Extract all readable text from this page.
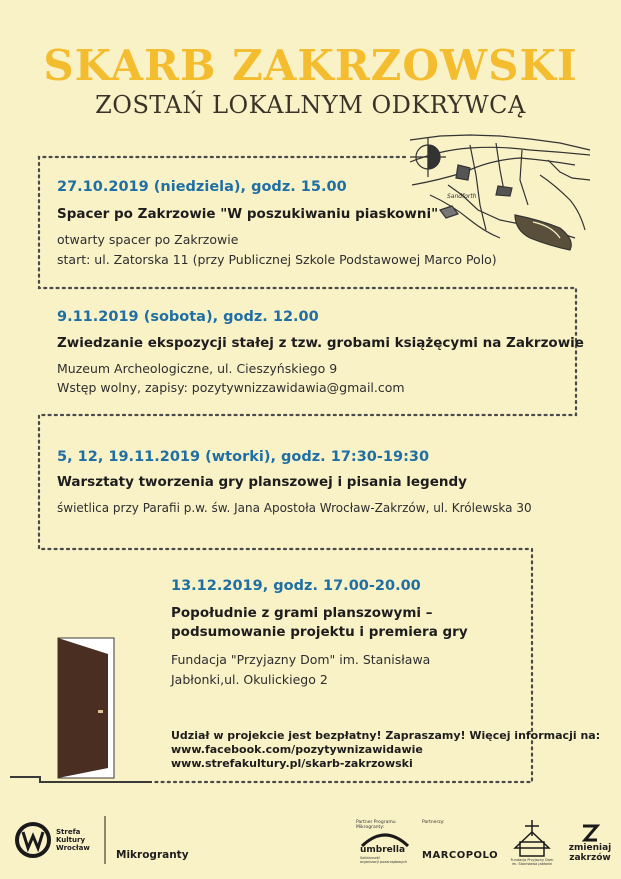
Sandforth
SKARB ZAKRZOWSKI
ZOSTAŃ LOKALNYM ODKRYWCĄ
27.10.2019 (niedziela), godz. 15.00
Spacer po Zakrzowie "W poszukiwaniu piaskowni"
otwarty spacer po Zakrzowie
start: ul. Zatorska 11 (przy Publicznej Szkole Podstawowej Marco Polo)
9.11.2019 (sobota), godz. 12.00
Zwiedzanie ekspozycji stałej z tzw. grobami książęcymi na Zakrzowie
Muzeum Archeologiczne, ul. Cieszyńskiego 9
Wstęp wolny, zapisy: pozytywnizzawidawia@gmail.com
5, 12, 19.11.2019 (wtorki), godz. 17:30-19:30
Warsztaty tworzenia gry planszowej i pisania legendy
świetlica przy Parafii p.w. św. Jana Apostoła Wrocław-Zakrzów, ul. Królewska 30
13.12.2019, godz. 17.00-20.00
Popołudnie z grami planszowymi –
podsumowanie projektu i premiera gry
Fundacja "Przyjazny Dom" im. Stanisława
Jabłonki,ul. Okulickiego 2
Udział w projekcie jest bezpłatny! Zapraszamy! Więcej informacji na:
www.facebook.com/pozytywnizawidawie
www.strefakultury.pl/skarb-zakrzowski
Strefa
Kultury
Wrocław
Mikrogranty
Partner Programu
Mikrogranty:
umbrella
Solidarność
organizacji pozarządowych
Partnerzy:
MARCOPOLO	Fundacja Przyjazny Dom
im. Stanisława Jabłonki
zmieniaj
zakrzów
